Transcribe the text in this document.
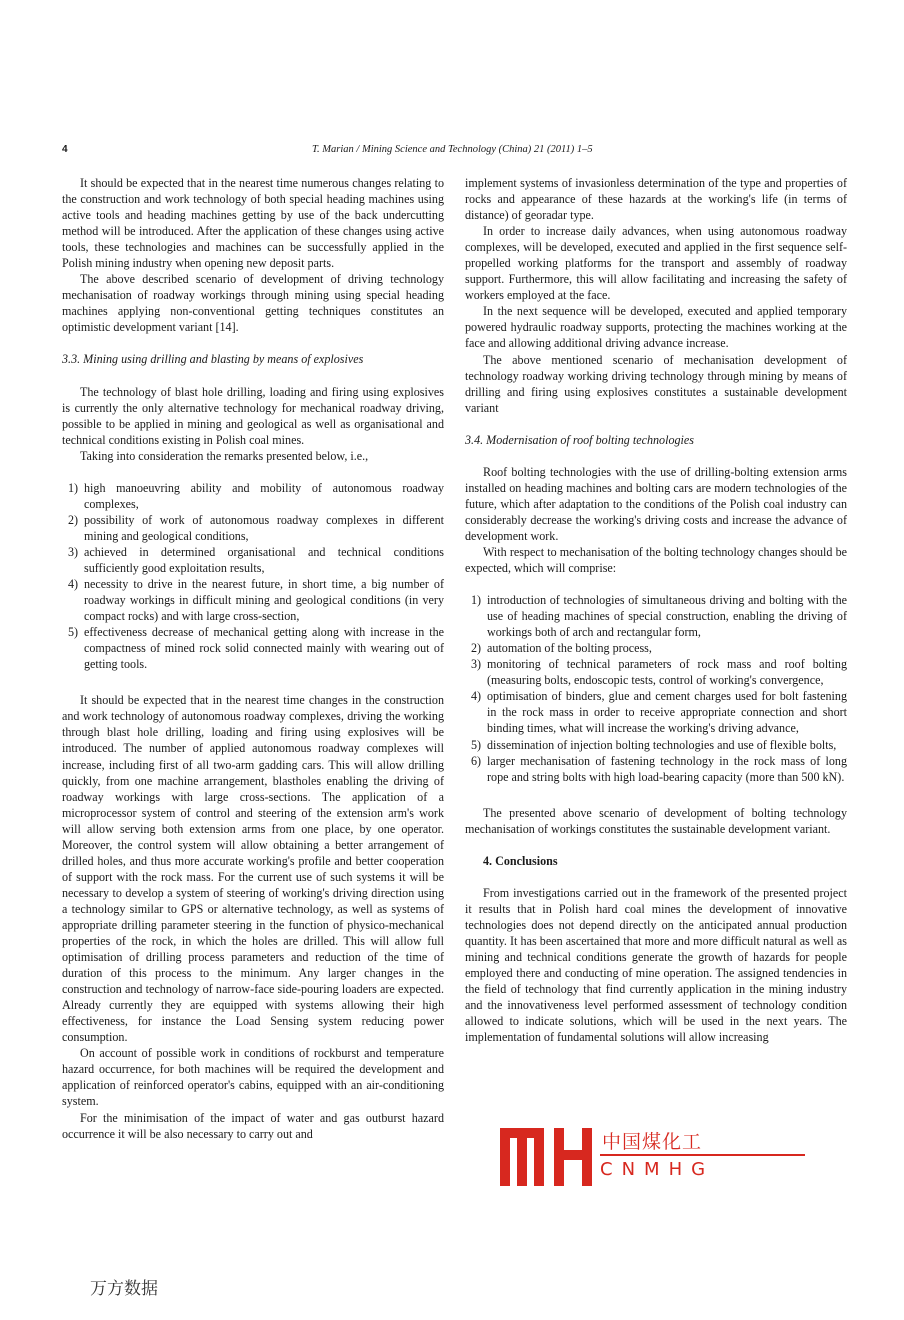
4	T. Marian / Mining Science and Technology (China) 21 (2011) 1–5

It should be expected that in the nearest time numerous changes relating to the construction and work technology of both special heading machines using active tools and heading machines getting by use of the back undercutting method will be introduced. After the application of these changes using active tools, these technologies and machines can be successfully applied in the Polish mining industry when opening new deposit parts.

The above described scenario of development of driving technology mechanisation of roadway workings through mining using special heading machines applying non-conventional getting techniques constitutes an optimistic development variant [14].

3.3. Mining using drilling and blasting by means of explosives

The technology of blast hole drilling, loading and firing using explosives is currently the only alternative technology for mechanical roadway driving, possible to be applied in mining and geological as well as organisational and technical conditions existing in Polish coal mines.

Taking into consideration the remarks presented below, i.e.,

1) high manoeuvring ability and mobility of autonomous roadway complexes,
2) possibility of work of autonomous roadway complexes in different mining and geological conditions,
3) achieved in determined organisational and technical conditions sufficiently good exploitation results,
4) necessity to drive in the nearest future, in short time, a big number of roadway workings in difficult mining and geological conditions (in very compact rocks) and with large cross-section,
5) effectiveness decrease of mechanical getting along with increase in the compactness of mined rock solid connected mainly with wearing out of getting tools.

It should be expected that in the nearest time changes in the construction and work technology of autonomous roadway complexes, driving the working through blast hole drilling, loading and firing using explosives will be introduced. The number of applied autonomous roadway complexes will increase, including first of all two-arm gadding cars. This will allow drilling quickly, from one machine arrangement, blastholes enabling the driving of roadway workings with large cross-sections. The application of a microprocessor system of control and steering of the extension arm's work will allow serving both extension arms from one place, by one operator. Moreover, the control system will allow obtaining a better arrangement of drilled holes, and thus more accurate working's profile and better cooperation of support with the rock mass. For the current use of such systems it will be necessary to develop a system of steering of working's driving direction using a technology similar to GPS or alternative technology, as well as systems of appropriate drilling parameter steering in the function of physico-mechanical properties of the rock, in which the holes are drilled. This will allow full optimisation of drilling process parameters and reduction of the time of duration of this process to the minimum. Any larger changes in the construction and technology of narrow-face side-pouring loaders are expected. Already currently they are equipped with systems allowing their high effectiveness, for instance the Load Sensing system reducing power consumption.

On account of possible work in conditions of rockburst and temperature hazard occurrence, for both machines will be required the development and application of reinforced operator's cabins, equipped with an air-conditioning system.

For the minimisation of the impact of water and gas outburst hazard occurrence it will be also necessary to carry out and

implement systems of invasionless determination of the type and properties of rocks and appearance of these hazards at the working's life (in terms of distance) of georadar type.

In order to increase daily advances, when using autonomous roadway complexes, will be developed, executed and applied in the first sequence self-propelled working platforms for the transport and assembly of roadway support. Furthermore, this will allow facilitating and increasing the safety of workers employed at the face.

In the next sequence will be developed, executed and applied temporary powered hydraulic roadway supports, protecting the machines working at the face and allowing additional driving advance increase.

The above mentioned scenario of mechanisation development of technology roadway working driving technology through mining by means of drilling and firing using explosives constitutes a sustainable development variant

3.4. Modernisation of roof bolting technologies

Roof bolting technologies with the use of drilling-bolting extension arms installed on heading machines and bolting cars are modern technologies of the future, which after adaptation to the conditions of the Polish coal industry can considerably decrease the working's driving costs and increase the advance of development work.

With respect to mechanisation of the bolting technology changes should be expected, which will comprise:

1) introduction of technologies of simultaneous driving and bolting with the use of heading machines of special construction, enabling the driving of workings both of arch and rectangular form,
2) automation of the bolting process,
3) monitoring of technical parameters of rock mass and roof bolting (measuring bolts, endoscopic tests, control of working's convergence,
4) optimisation of binders, glue and cement charges used for bolt fastening in the rock mass in order to receive appropriate connection and short binding times, what will increase the working's driving advance,
5) dissemination of injection bolting technologies and use of flexible bolts,
6) larger mechanisation of fastening technology in the rock mass of long rope and string bolts with high load-bearing capacity (more than 500 kN).

The presented above scenario of development of bolting technology mechanisation of workings constitutes the sustainable development variant.

4. Conclusions

From investigations carried out in the framework of the presented project it results that in Polish hard coal mines the development of innovative technologies does not depend directly on the anticipated annual production quantity. It has been ascertained that more and more difficult natural as well as mining and technical conditions generate the growth of hazards for people employed there and conducting of mine operation. The assigned tendencies in the field of technology that find currently application in the mining industry and the innovativeness level performed assessment of technology condition allowed to indicate solutions, which will be used in the next years. The implementation of fundamental solutions will allow increasing

中国煤化工
CNMHG
万方数据
